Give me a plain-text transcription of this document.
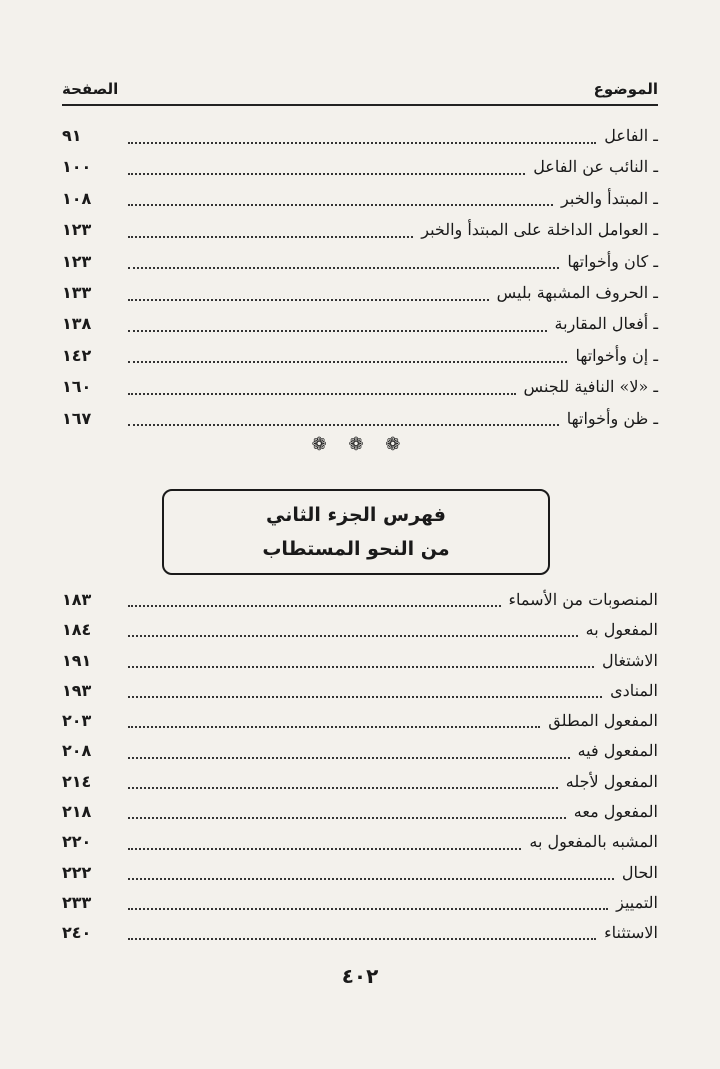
الموضوع
الصفحة
ـ الفاعل
٩١
ـ النائب عن الفاعل
١٠٠
ـ المبتدأ والخبر
١٠٨
ـ العوامل الداخلة على المبتدأ والخبر
١٢٣
ـ كان وأخواتها
١٢٣
ـ الحروف المشبهة بليس
١٣٣
ـ أفعال المقاربة
١٣٨
ـ إن وأخواتها
١٤٢
ـ «لا» النافية للجنس
١٦٠
ـ ظن وأخواتها
١٦٧
❁ ❁ ❁
فهرس الجزء الثاني
من النحو المستطاب
المنصوبات من الأسماء
١٨٣
المفعول به
١٨٤
الاشتغال
١٩١
المنادى
١٩٣
المفعول المطلق
٢٠٣
المفعول فيه
٢٠٨
المفعول لأجله
٢١٤
المفعول معه
٢١٨
المشبه بالمفعول به
٢٢٠
الحال
٢٢٢
التمييز
٢٣٣
الاستثناء
٢٤٠
٤٠٢
